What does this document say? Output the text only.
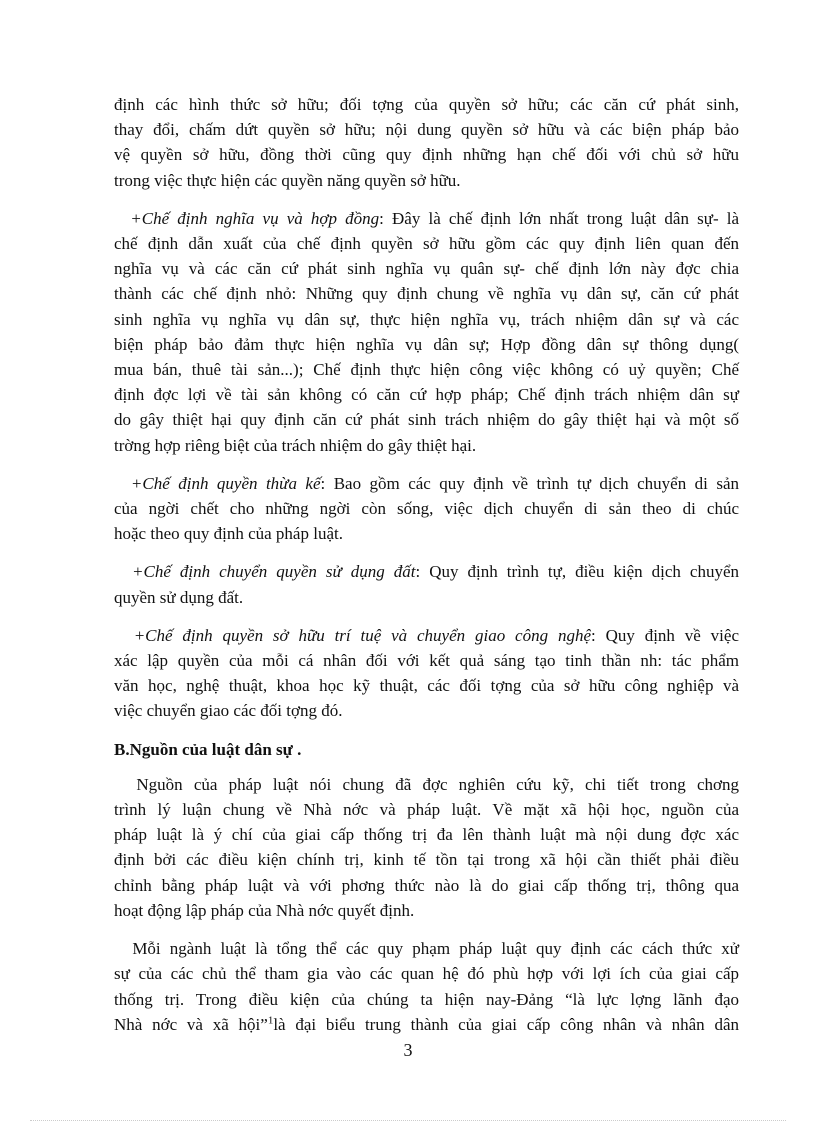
định các hình thức sở hữu; đối tợng của quyền sở hữu; các căn cứ phát sinh,
thay đổi, chấm dứt quyền sở hữu; nội dung quyền sở hữu và các biện pháp bảo
vệ quyền sở hữu, đồng thời cũng quy định những hạn chế đối với chủ sở hữu
trong việc thực hiện các quyền năng quyền sở hữu.

+Chế định nghĩa vụ và hợp đồng: Đây là chế định lớn nhất trong luật dân sự- là
chế định dẫn xuất của chế định quyền sở hữu gồm các quy định liên quan đến
nghĩa vụ và các căn cứ phát sinh nghĩa vụ quân sự- chế định lớn này đợc chia
thành các chế định nhỏ: Những quy định chung về nghĩa vụ dân sự, căn cứ phát
sinh nghĩa vụ nghĩa vụ dân sự, thực hiện nghĩa vụ, trách nhiệm dân sự và các
biện pháp bảo đảm thực hiện nghĩa vụ dân sự; Hợp đồng dân sự thông dụng(
mua bán, thuê tài sản...); Chế định thực hiện công việc không có uỷ quyền; Chế
định đợc lợi về tài sản không có căn cứ hợp pháp; Chế định trách nhiệm dân sự
do gây thiệt hại quy định căn cứ phát sinh trách nhiệm do gây thiệt hại và một số
trờng hợp riêng biệt của trách nhiệm do gây thiệt hại.

+Chế định quyền thừa kế: Bao gồm các quy định về trình tự dịch chuyển di sản
của ngời chết cho những ngời còn sống, việc dịch chuyển di sản theo di chúc
hoặc theo quy định của pháp luật.

+Chế định chuyển quyền sử dụng đất: Quy định trình tự, điều kiện dịch chuyển
quyền sử dụng đất.

+Chế định quyền sở hữu trí tuệ và chuyển giao công nghệ: Quy định về việc
xác lập quyền của mỗi cá nhân đối với kết quả sáng tạo tinh thần nh: tác phẩm
văn học, nghệ thuật, khoa học kỹ thuật, các đối tợng của sở hữu công nghiệp và
việc chuyển giao các đối tợng đó.

B.Nguồn của luật dân sự .

Nguồn của pháp luật nói chung đã đợc nghiên cứu kỹ, chi tiết trong chơng
trình lý luận chung về Nhà nớc và pháp luật. Về mặt xã hội học, nguồn của
pháp luật là ý chí của giai cấp thống trị đa lên thành luật mà nội dung đợc xác
định bởi các điều kiện chính trị, kinh tế tồn tại trong xã hội cần thiết phải điều
chỉnh bằng pháp luật và với phơng thức nào là do giai cấp thống trị, thông qua
hoạt động lập pháp của Nhà nớc quyết định.

Mỗi ngành luật là tổng thể các quy phạm pháp luật quy định các cách thức xử
sự của các chủ thể tham gia vào các quan hệ đó phù hợp với lợi ích của giai cấp
thống trị. Trong điều kiện của chúng ta hiện nay-Đảng “là lực lợng lãnh đạo
Nhà nớc và xã hội”$^1$là đại biểu trung thành của giai cấp công nhân và nhân dân

3
